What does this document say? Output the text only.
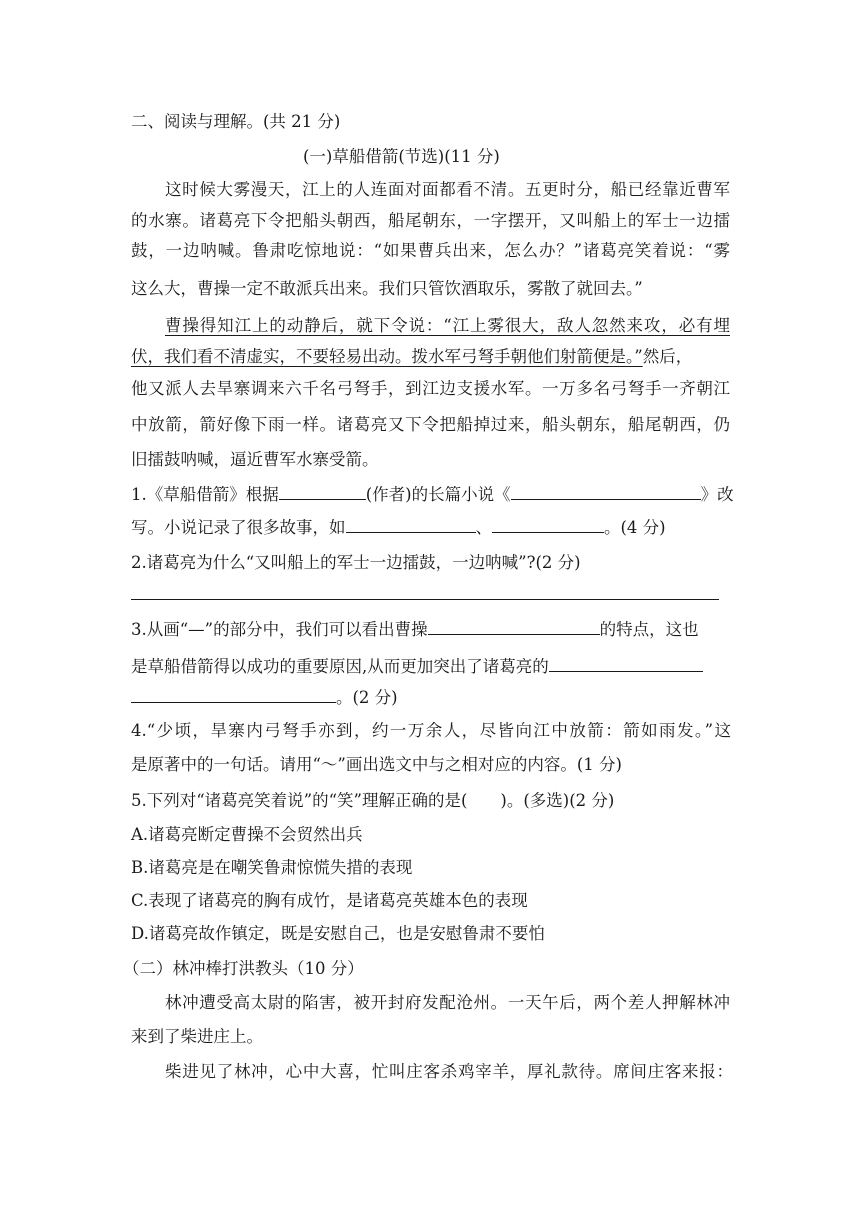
二、阅读与理解。(共 21 分)
(一)草船借箭(节选)(11 分)
这时候大雾漫天，江上的人连面对面都看不清。五更时分，船已经靠近曹军
的水寨。诸葛亮下令把船头朝西，船尾朝东，一字摆开，又叫船上的军士一边擂
鼓，一边呐喊。鲁肃吃惊地说：“如果曹兵出来，怎么办？”诸葛亮笑着说：“雾
这么大，曹操一定不敢派兵出来。我们只管饮酒取乐，雾散了就回去。”
曹操得知江上的动静后，就下令说：“江上雾很大，敌人忽然来攻，必有埋
伏，我们看不清虚实，不要轻易出动。拨水军弓弩手朝他们射箭便是。”然后，
他又派人去旱寨调来六千名弓弩手，到江边支援水军。一万多名弓弩手一齐朝江
中放箭，箭好像下雨一样。诸葛亮又下令把船掉过来，船头朝东，船尾朝西，仍
旧擂鼓呐喊，逼近曹军水寨受箭。
1.《草船借箭》根据	(作者)的长篇小说《	》改
写。小说记录了很多故事，如	、	。(4 分)
2.诸葛亮为什么“又叫船上的军士一边擂鼓，一边呐喊”?(2 分)
3.从画“—”的部分中，我们可以看出曹操	的特点，这也
是草船借箭得以成功的重要原因,从而更加突出了诸葛亮的
。(2 分)
4.“少顷，旱寨内弓弩手亦到，约一万余人，尽皆向江中放箭：箭如雨发。”这
是原著中的一句话。请用“～”画出选文中与之相对应的内容。(1 分)
5.下列对“诸葛亮笑着说”的“笑”理解正确的是(　　)。(多选)(2 分)
A.诸葛亮断定曹操不会贸然出兵
B.诸葛亮是在嘲笑鲁肃惊慌失措的表现
C.表现了诸葛亮的胸有成竹，是诸葛亮英雄本色的表现
D.诸葛亮故作镇定，既是安慰自己，也是安慰鲁肃不要怕
（二）林冲棒打洪教头（10 分）
林冲遭受高太尉的陷害，被开封府发配沧州。一天午后，两个差人押解林冲
来到了柴进庄上。
柴进见了林冲，心中大喜，忙叫庄客杀鸡宰羊，厚礼款待。席间庄客来报：
